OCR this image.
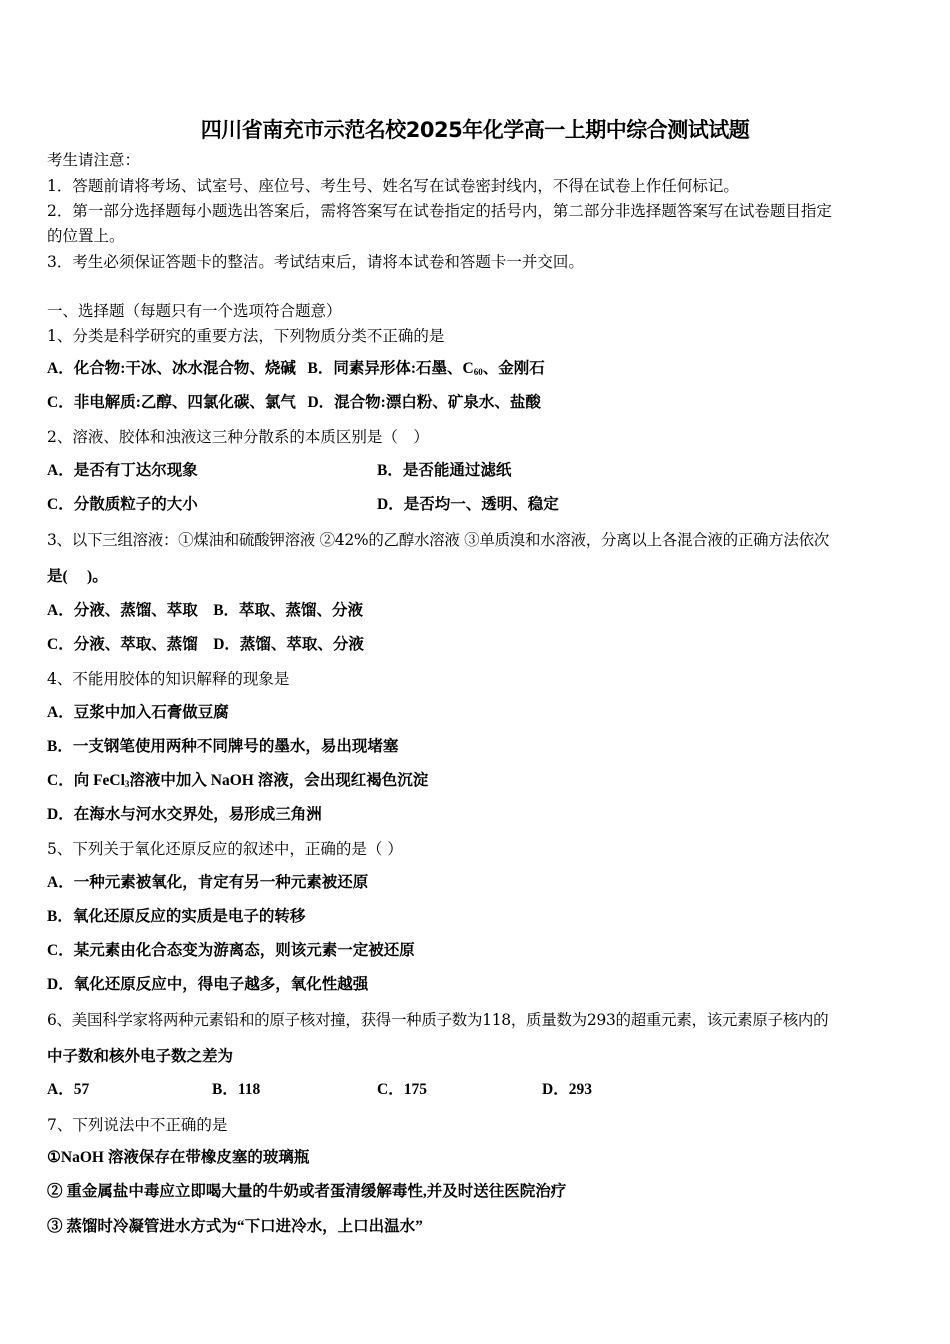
四川省南充市示范名校2025年化学高一上期中综合测试试题
考生请注意：
1．答题前请将考场、试室号、座位号、考生号、姓名写在试卷密封线内，不得在试卷上作任何标记。
2．第一部分选择题每小题选出答案后，需将答案写在试卷指定的括号内，第二部分非选择题答案写在试卷题目指定
的位置上。
3．考生必须保证答题卡的整洁。考试结束后，请将本试卷和答题卡一并交回。
一、选择题（每题只有一个选项符合题意）
1、分类是科学研究的重要方法，下列物质分类不正确的是
A．化合物:干冰、冰水混合物、烧碱 B．同素异形体:石墨、$C_{60}$、金刚石
C．非电解质:乙醇、四氯化碳、氯气 D．混合物:漂白粉、矿泉水、盐酸
2、溶液、胶体和浊液这三种分散系的本质区别是（　）
A．是否有丁达尔现象	B．是否能通过滤纸
C．分散质粒子的大小	D．是否均一、透明、稳定
3、以下三组溶液：①煤油和硫酸钾溶液 ②42%的乙醇水溶液 ③单质溴和水溶液，分离以上各混合液的正确方法依次
是(　 )。
A．分液、蒸馏、萃取　B．萃取、蒸馏、分液
C．分液、萃取、蒸馏　D．蒸馏、萃取、分液
4、不能用胶体的知识解释的现象是
A．豆浆中加入石膏做豆腐
B．一支钢笔使用两种不同牌号的墨水，易出现堵塞
C．向 FeCl$_3$溶液中加入 NaOH 溶液，会出现红褐色沉淀
D．在海水与河水交界处，易形成三角洲
5、下列关于氧化还原反应的叙述中，正确的是（ ）
A．一种元素被氧化，肯定有另一种元素被还原
B．氧化还原反应的实质是电子的转移
C．某元素由化合态变为游离态，则该元素一定被还原
D．氧化还原反应中，得电子越多，氧化性越强
6、美国科学家将两种元素铅和的原子核对撞，获得一种质子数为118，质量数为293的超重元素，该元素原子核内的
中子数和核外电子数之差为
A．57	B．118	C．175	D．293
7、下列说法中不正确的是
①NaOH 溶液保存在带橡皮塞的玻璃瓶
② 重金属盐中毒应立即喝大量的牛奶或者蛋清缓解毒性,并及时送往医院治疗
③ 蒸馏时冷凝管进水方式为“下口进冷水，上口出温水”
